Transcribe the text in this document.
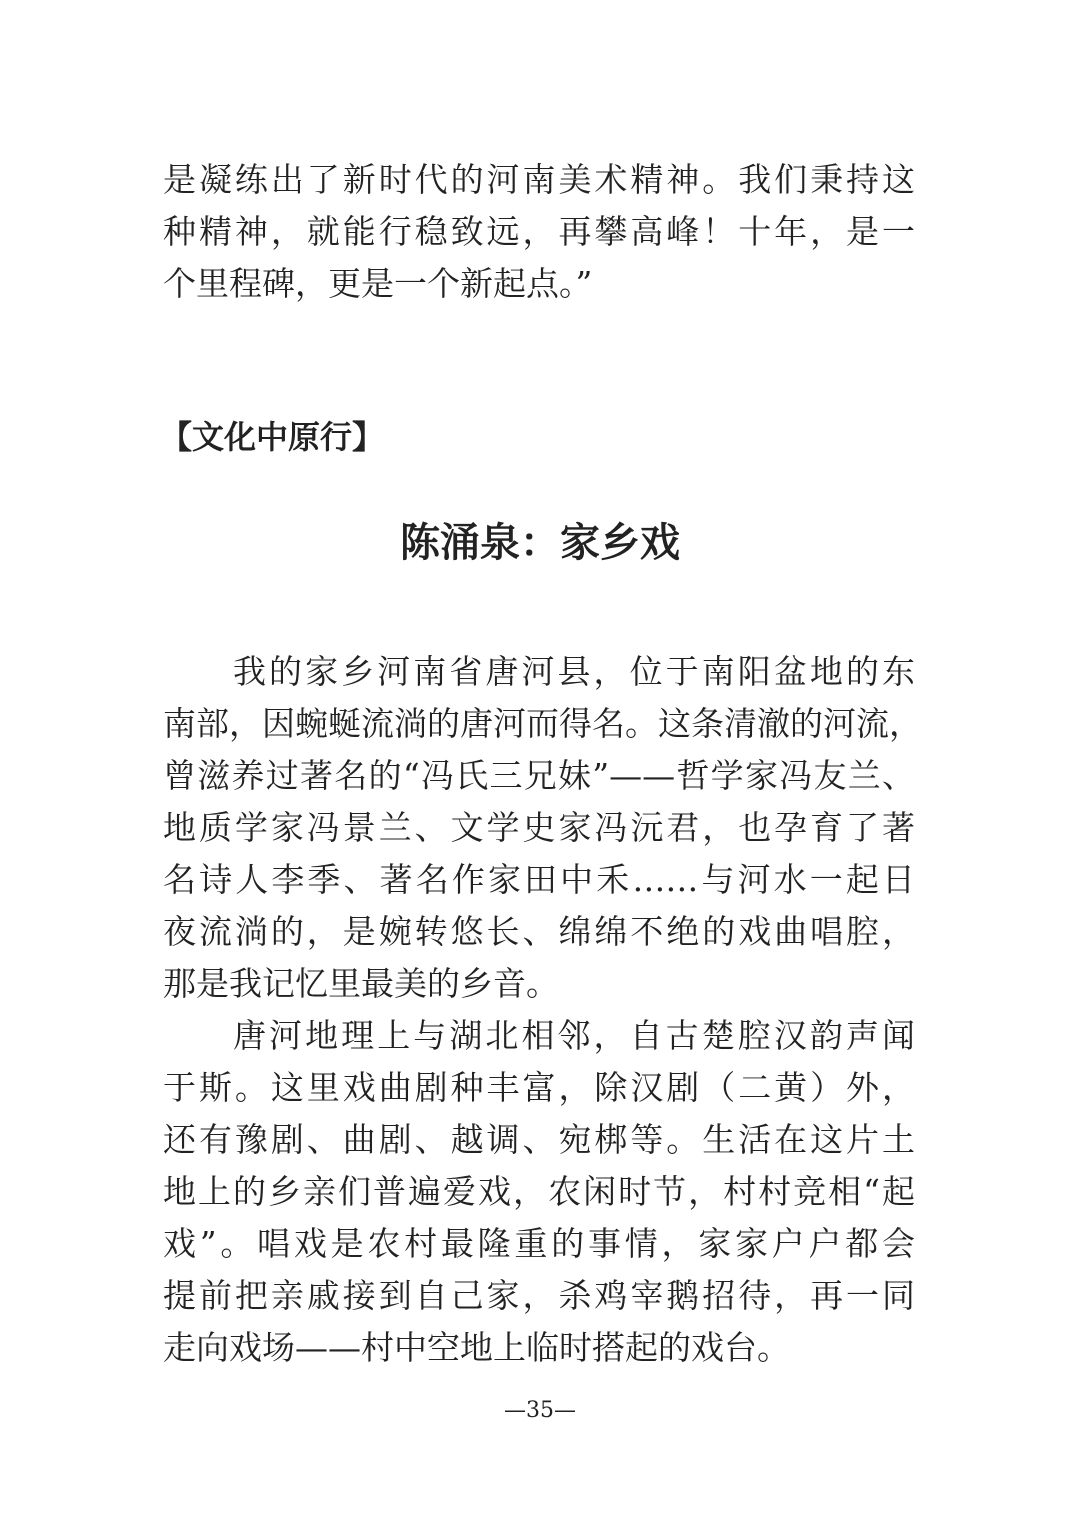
是凝练出了新时代的河南美术精神。我们秉持这
种精神，就能行稳致远，再攀高峰！十年，是一
个里程碑，更是一个新起点。”
【文化中原行】
陈涌泉：家乡戏
我的家乡河南省唐河县，位于南阳盆地的东
南部，因蜿蜒流淌的唐河而得名。这条清澈的河流，
曾滋养过著名的“冯氏三兄妹”——哲学家冯友兰、
地质学家冯景兰、文学史家冯沅君，也孕育了著
名诗人李季、著名作家田中禾……与河水一起日
夜流淌的，是婉转悠长、绵绵不绝的戏曲唱腔，
那是我记忆里最美的乡音。
唐河地理上与湖北相邻，自古楚腔汉韵声闻
于斯。这里戏曲剧种丰富，除汉剧（二黄）外，
还有豫剧、曲剧、越调、宛梆等。生活在这片土
地上的乡亲们普遍爱戏，农闲时节，村村竞相“起
戏”。唱戏是农村最隆重的事情，家家户户都会
提前把亲戚接到自己家，杀鸡宰鹅招待，再一同
走向戏场——村中空地上临时搭起的戏台。
—35—
